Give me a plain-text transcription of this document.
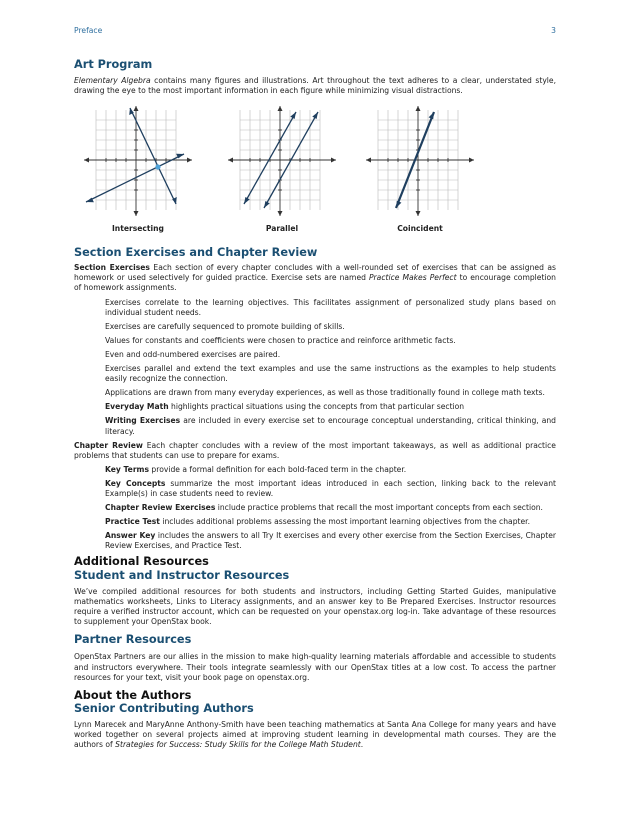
Preface	3
Art Program

Elementary Algebra contains many figures and illustrations. Art throughout the text adheres to a clear, understated style, drawing the eye to the most important information in each figure while minimizing visual distractions.

Intersecting	Parallel	Coincident
Section Exercises and Chapter Review

Section Exercises Each section of every chapter concludes with a well-rounded set of exercises that can be assigned as homework or used selectively for guided practice. Exercise sets are named Practice Makes Perfect to encourage completion of homework assignments.

Exercises correlate to the learning objectives. This facilitates assignment of personalized study plans based on individual student needs.
Exercises are carefully sequenced to promote building of skills.
Values for constants and coefficients were chosen to practice and reinforce arithmetic facts.
Even and odd-numbered exercises are paired.
Exercises parallel and extend the text examples and use the same instructions as the examples to help students easily recognize the connection.
Applications are drawn from many everyday experiences, as well as those traditionally found in college math texts.
Everyday Math highlights practical situations using the concepts from that particular section
Writing Exercises are included in every exercise set to encourage conceptual understanding, critical thinking, and literacy.

Chapter Review Each chapter concludes with a review of the most important takeaways, as well as additional practice problems that students can use to prepare for exams.

Key Terms provide a formal definition for each bold-faced term in the chapter.
Key Concepts summarize the most important ideas introduced in each section, linking back to the relevant Example(s) in case students need to review.
Chapter Review Exercises include practice problems that recall the most important concepts from each section.
Practice Test includes additional problems assessing the most important learning objectives from the chapter.
Answer Key includes the answers to all Try It exercises and every other exercise from the Section Exercises, Chapter Review Exercises, and Practice Test.
Additional Resources
Student and Instructor Resources

We’ve compiled additional resources for both students and instructors, including Getting Started Guides, manipulative mathematics worksheets, Links to Literacy assignments, and an answer key to Be Prepared Exercises. Instructor resources require a verified instructor account, which can be requested on your openstax.org log-in. Take advantage of these resources to supplement your OpenStax book.

Partner Resources

OpenStax Partners are our allies in the mission to make high-quality learning materials affordable and accessible to students and instructors everywhere. Their tools integrate seamlessly with our OpenStax titles at a low cost. To access the partner resources for your text, visit your book page on openstax.org.

About the Authors
Senior Contributing Authors

Lynn Marecek and MaryAnne Anthony-Smith have been teaching mathematics at Santa Ana College for many years and have worked together on several projects aimed at improving student learning in developmental math courses. They are the authors of Strategies for Success: Study Skills for the College Math Student.
